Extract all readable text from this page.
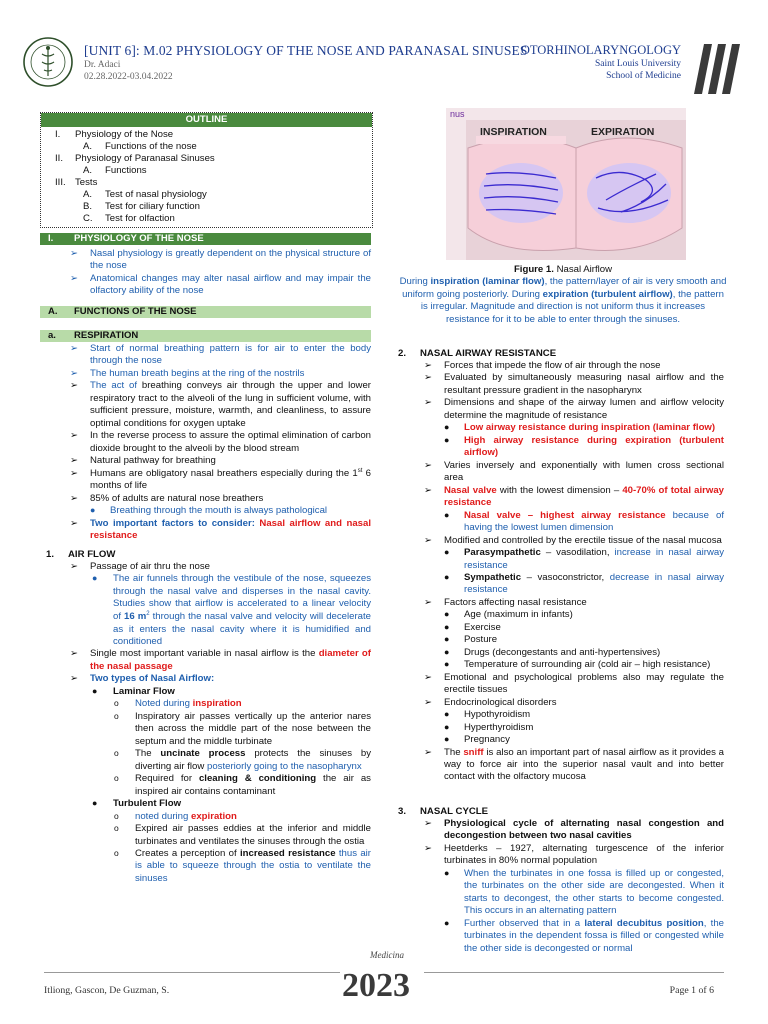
[UNIT 6]: M.02 PHYSIOLOGY OF THE NOSE AND PARANASAL SINUSES
Dr. Adaci
02.28.2022-03.04.2022
OTORHINOLARYNGOLOGY
Saint Louis University
School of Medicine
OUTLINE
I. Physiology of the Nose
A. Functions of the nose
II. Physiology of Paranasal Sinuses
A. Functions
III. Tests
A. Test of nasal physiology
B. Test for ciliary function
C. Test for olfaction
I. PHYSIOLOGY OF THE NOSE
➢ Nasal physiology is greatly dependent on the physical structure of the nose
➢ Anatomical changes may alter nasal airflow and may impair the olfactory ability of the nose
A. FUNCTIONS OF THE NOSE
a. RESPIRATION
➢ Start of normal breathing pattern is for air to enter the body through the nose
➢ The human breath begins at the ring of the nostrils
➢ The act of breathing conveys air through the upper and lower respiratory tract to the alveoli of the lung in sufficient volume, with sufficient pressure, moisture, warmth, and cleanliness, to assure optimal conditions for oxygen uptake
➢ In the reverse process to assure the optimal elimination of carbon dioxide brought to the alveoli by the blood stream
➢ Natural pathway for breathing
➢ Humans are obligatory nasal breathers especially during the 1st 6 months of life
➢ 85% of adults are natural nose breathers
● Breathing through the mouth is always pathological
➢ Two important factors to consider: Nasal airflow and nasal resistance
1. AIR FLOW
➢ Passage of air thru the nose
● The air funnels through the vestibule of the nose, squeezes through the nasal valve and disperses in the nasal cavity. Studies show that airflow is accelerated to a linear velocity of 16 $m^2$ through the nasal valve and velocity will decelerate as it enters the nasal cavity where it is humidified and conditioned
➢ Single most important variable in nasal airflow is the diameter of the nasal passage
➢ Two types of Nasal Airflow:
● Laminar Flow
o Noted during inspiration
o Inspiratory air passes vertically up the anterior nares then across the middle part of the nose between the septum and the middle turbinate
o The uncinate process protects the sinuses by diverting air flow posteriorly going to the nasopharynx
o Required for cleaning & conditioning the air as inspired air contains contaminant
● Turbulent Flow
o noted during expiration
o Expired air passes eddies at the inferior and middle turbinates and ventilates the sinuses through the ostia
o Creates a perception of increased resistance thus air is able to squeeze through the ostia to ventilate the sinuses
nus
INSPIRATION	EXPIRATION
Figure 1. Nasal Airflow
During inspiration (laminar flow), the pattern/layer of air is very smooth and uniform going posteriorly. During expiration (turbulent airflow), the pattern is irregular. Magnitude and direction is not uniform thus it increases resistance for it to be able to enter through the sinuses.
2. NASAL AIRWAY RESISTANCE
➢ Forces that impede the flow of air through the nose
➢ Evaluated by simultaneously measuring nasal airflow and the resultant pressure gradient in the nasopharynx
➢ Dimensions and shape of the airway lumen and airflow velocity determine the magnitude of resistance
● Low airway resistance during inspiration (laminar flow)
● High airway resistance during expiration (turbulent airflow)
➢ Varies inversely and exponentially with lumen cross sectional area
➢ Nasal valve with the lowest dimension – 40-70% of total airway resistance
● Nasal valve – highest airway resistance because of having the lowest lumen dimension
➢ Modified and controlled by the erectile tissue of the nasal mucosa
● Parasympathetic – vasodilation, increase in nasal airway resistance
● Sympathetic – vasoconstrictor, decrease in nasal airway resistance
➢ Factors affecting nasal resistance
● Age (maximum in infants)
● Exercise
● Posture
● Drugs (decongestants and anti-hypertensives)
● Temperature of surrounding air (cold air – high resistance)
➢ Emotional and psychological problems also may regulate the erectile tissues
➢ Endocrinological disorders
● Hypothyroidism
● Hyperthyroidism
● Pregnancy
➢ The sniff is also an important part of nasal airflow as it provides a way to force air into the superior nasal vault and into better contact with the olfactory mucosa
3. NASAL CYCLE
➢ Physiological cycle of alternating nasal congestion and decongestion between two nasal cavities
➢ Heetderks – 1927, alternating turgescence of the inferior turbinates in 80% normal population
● When the turbinates in one fossa is filled up or congested, the turbinates on the other side are decongested. When it starts to decongest, the other starts to become congested. This occurs in an alternating pattern
● Further observed that in a lateral decubitus position, the turbinates in the dependent fossa is filled or congested while the other side is decongested or normal
Medicina
2023
Itliong, Gascon, De Guzman, S.	Page 1 of 6
